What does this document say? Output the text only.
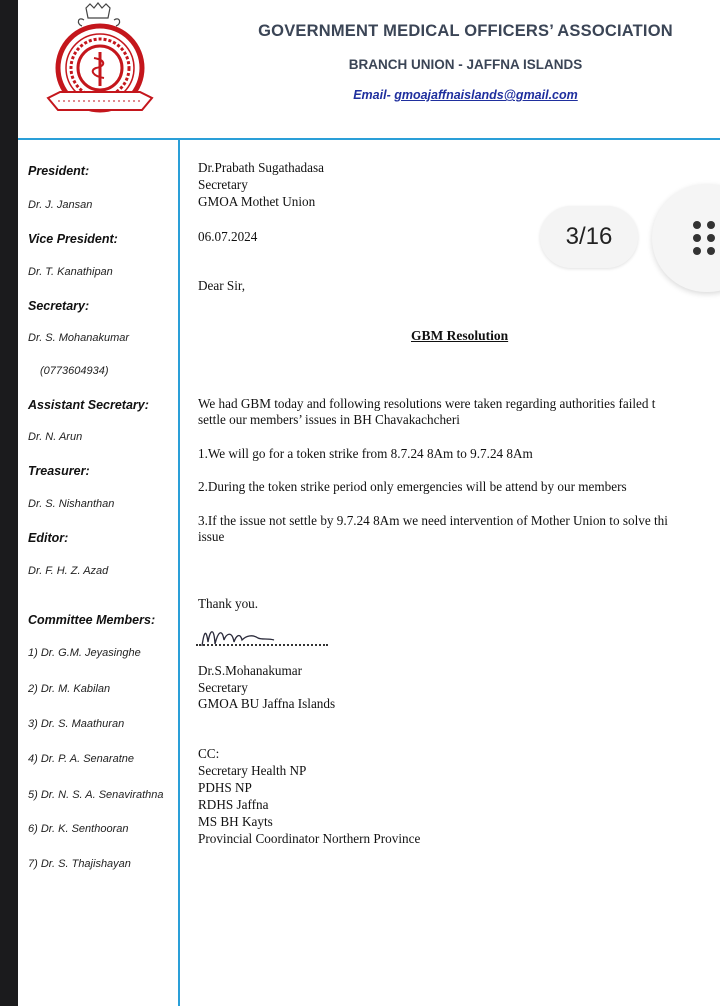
GOVERNMENT MEDICAL OFFICERS’ ASSOCIATION
BRANCH UNION - JAFFNA ISLANDS
Email- gmoajaffnaislands@gmail.com
President:
Dr. J. Jansan
Vice President:
Dr. T. Kanathipan
Secretary:
Dr. S. Mohanakumar
(0773604934)
Assistant Secretary:
Dr. N. Arun
Treasurer:
Dr. S. Nishanthan
Editor:
Dr. F. H. Z. Azad
Committee Members:
1) Dr. G.M. Jeyasinghe
2) Dr. M. Kabilan
3) Dr. S. Maathuran
4) Dr. P. A. Senaratne
5) Dr. N. S. A. Senavirathna
6) Dr. K. Senthooran
7) Dr. S. Thajishayan
Dr.Prabath Sugathadasa
Secretary
GMOA Mothet Union
06.07.2024
Dear Sir,
GBM Resolution
We had GBM today and following resolutions were taken regarding authorities failed t
settle our members’ issues in BH Chavakachcheri
1.We will go for a token strike from 8.7.24 8Am to 9.7.24 8Am
2.During the token strike period only emergencies will be attend by our members
3.If the issue not settle by 9.7.24 8Am we need intervention of Mother Union to solve thi
issue
Thank you.
Dr.S.Mohanakumar
Secretary
GMOA BU Jaffna Islands
CC:
Secretary Health NP
PDHS NP
RDHS Jaffna
MS BH Kayts
Provincial Coordinator Northern Province
3/16
